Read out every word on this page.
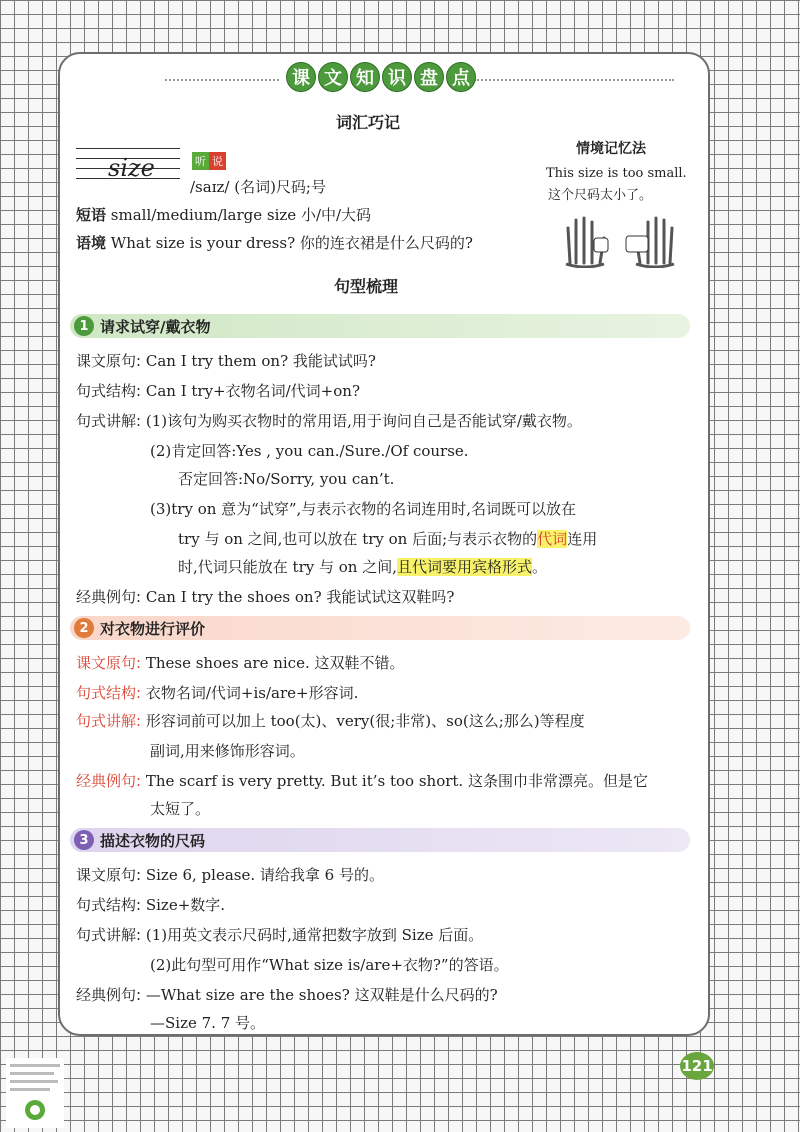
课 文 知 识 盘 点
词汇巧记
size	听 说
/saɪz/ (名词)尺码;号
短语 small/medium/large size 小/中/大码
语境 What size is your dress? 你的连衣裙是什么尺码的?
情境记忆法
This size is too small.
这个尺码太小了。
句型梳理
1 请求试穿/戴衣物
课文原句: Can I try them on? 我能试试吗?
句式结构: Can I try+衣物名词/代词+on?
句式讲解: (1)该句为购买衣物时的常用语,用于询问自己是否能试穿/戴衣物。
(2)肯定回答:Yes , you can./Sure./Of course.
否定回答:No/Sorry, you can’t.
(3)try on 意为“试穿”,与表示衣物的名词连用时,名词既可以放在
try 与 on 之间,也可以放在 try on 后面;与表示衣物的代词连用
时,代词只能放在 try 与 on 之间,且代词要用宾格形式。
经典例句: Can I try the shoes on? 我能试试这双鞋吗?
2 对衣物进行评价
课文原句: These shoes are nice. 这双鞋不错。
句式结构: 衣物名词/代词+is/are+形容词.
句式讲解: 形容词前可以加上 too(太)、very(很;非常)、so(这么;那么)等程度
副词,用来修饰形容词。
经典例句: The scarf is very pretty. But it’s too short. 这条围巾非常漂亮。但是它
太短了。
3 描述衣物的尺码
课文原句: Size 6, please. 请给我拿 6 号的。
句式结构: Size+数字.
句式讲解: (1)用英文表示尺码时,通常把数字放到 Size 后面。
(2)此句型可用作“What size is/are+衣物?”的答语。
经典例句: —What size are the shoes? 这双鞋是什么尺码的?
—Size 7. 7 号。
121
